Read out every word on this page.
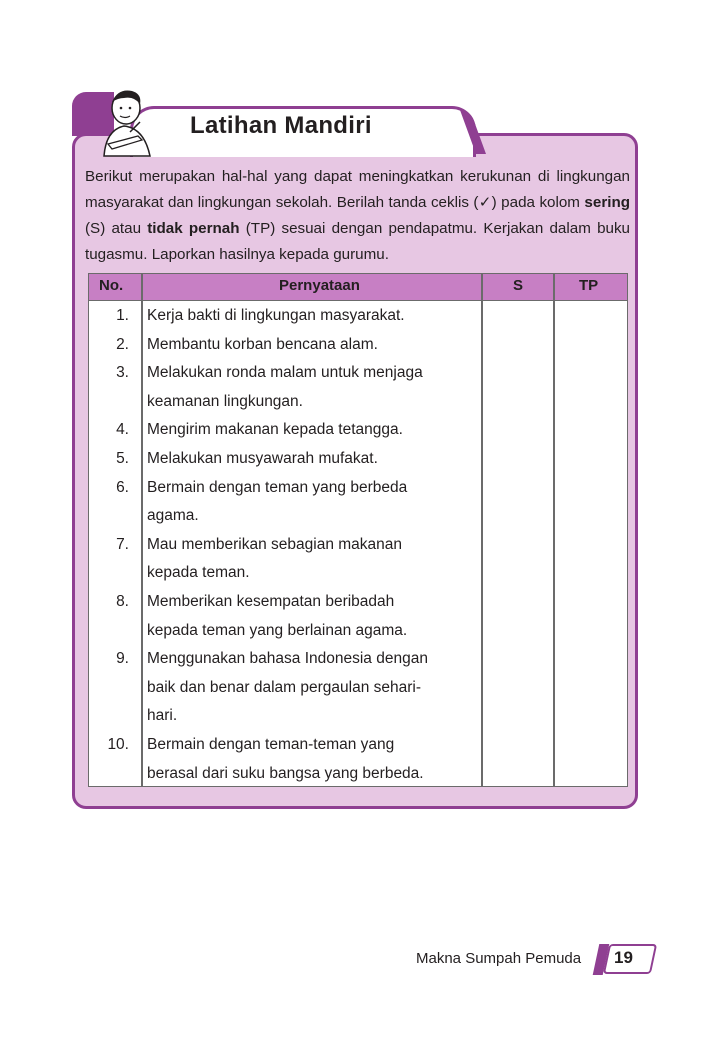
Latihan Mandiri
Berikut merupakan hal-hal yang dapat meningkatkan kerukunan di lingkungan masyarakat dan lingkungan sekolah. Berilah tanda ceklis (✓) pada kolom sering (S) atau tidak pernah (TP) sesuai dengan pendapatmu. Kerjakan dalam buku tugasmu. Laporkan hasilnya kepada gurumu.
No.	Pernyataan	S	TP
1. Kerja bakti di lingkungan masyarakat.
2. Membantu korban bencana alam.
3. Melakukan ronda malam untuk menjaga
keamanan lingkungan.
4. Mengirim makanan kepada tetangga.
5. Melakukan musyawarah mufakat.
6. Bermain dengan teman yang berbeda
agama.
7. Mau memberikan sebagian makanan
kepada teman.
8. Memberikan kesempatan beribadah
kepada teman yang berlainan agama.
9. Menggunakan bahasa Indonesia dengan
baik dan benar dalam pergaulan sehari-
hari.
10. Bermain dengan teman-teman yang
berasal dari suku bangsa yang berbeda.
Makna Sumpah Pemuda 19
